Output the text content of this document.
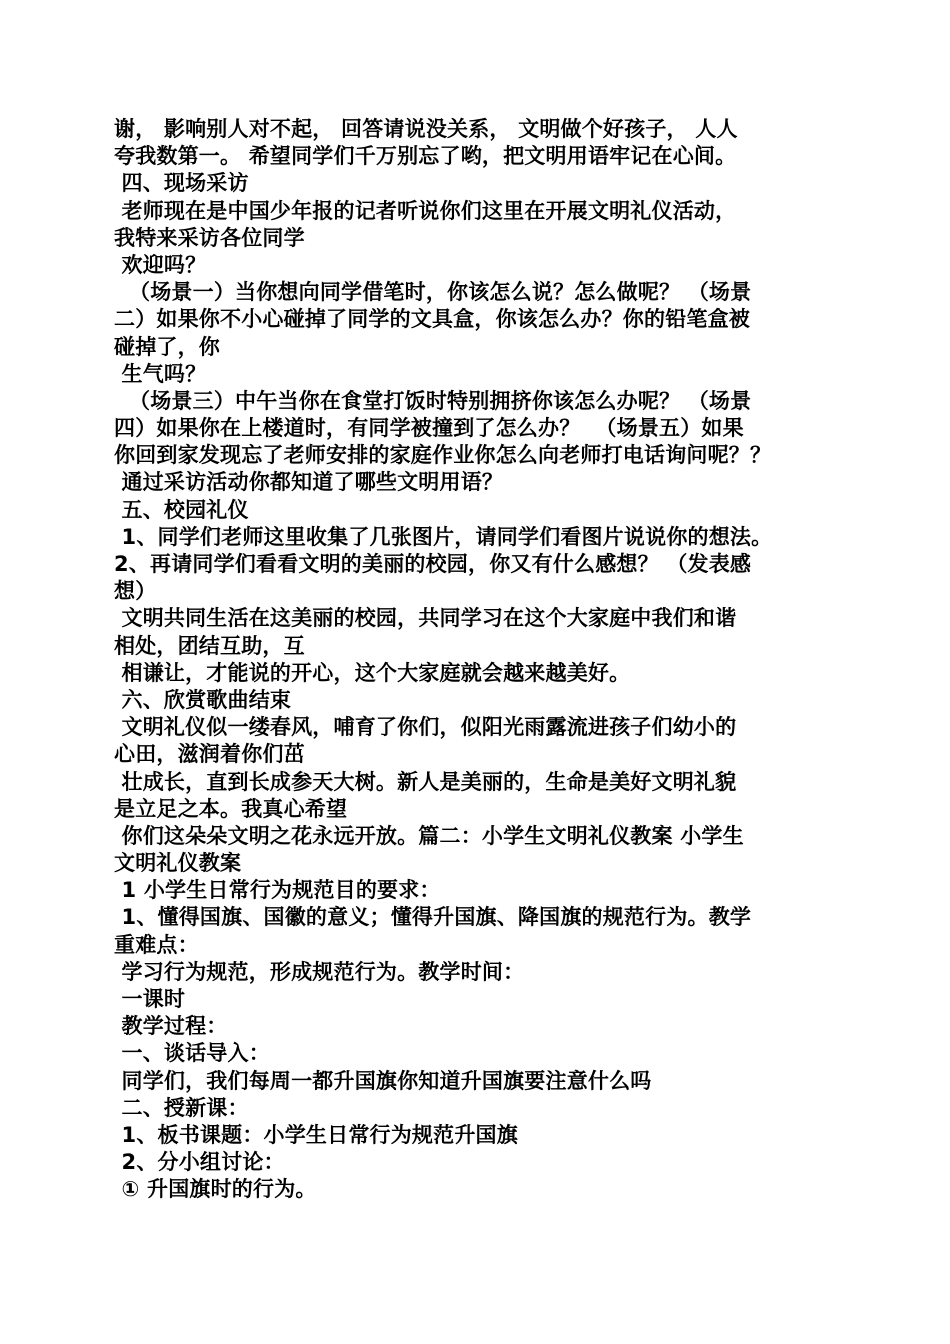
谢， 影响别人对不起， 回答请说没关系， 文明做个好孩子， 人人
夸我数第一。 希望同学们千万别忘了哟，把文明用语牢记在心间。
四、现场采访
老师现在是中国少年报的记者听说你们这里在开展文明礼仪活动，
我特来采访各位同学
欢迎吗？
（场景一）当你想向同学借笔时，你该怎么说？怎么做呢？ （场景
二）如果你不小心碰掉了同学的文具盒，你该怎么办？你的铅笔盒被
碰掉了，你
生气吗？
（场景三）中午当你在食堂打饭时特别拥挤你该怎么办呢？ （场景
四）如果你在上楼道时，有同学被撞到了怎么办？  （场景五）如果
你回到家发现忘了老师安排的家庭作业你怎么向老师打电话询问呢？？
通过采访活动你都知道了哪些文明用语？
五、校园礼仪
1、同学们老师这里收集了几张图片，请同学们看图片说说你的想法。
2、再请同学们看看文明的美丽的校园，你又有什么感想？ （发表感
想）
文明共同生活在这美丽的校园，共同学习在这个大家庭中我们和谐
相处，团结互助，互
相谦让，才能说的开心，这个大家庭就会越来越美好。
六、欣赏歌曲结束
文明礼仪似一缕春风，哺育了你们，似阳光雨露流进孩子们幼小的
心田，滋润着你们茁
壮成长，直到长成参天大树。新人是美丽的，生命是美好文明礼貌
是立足之本。我真心希望
你们这朵朵文明之花永远开放。篇二：小学生文明礼仪教案 小学生
文明礼仪教案
1 小学生日常行为规范目的要求：
1、懂得国旗、国徽的意义；懂得升国旗、降国旗的规范行为。教学
重难点：
学习行为规范，形成规范行为。教学时间：
一课时
教学过程：
一、谈话导入：
同学们，我们每周一都升国旗你知道升国旗要注意什么吗
二、授新课：
1、板书课题：小学生日常行为规范升国旗
2、分小组讨论：
① 升国旗时的行为。
